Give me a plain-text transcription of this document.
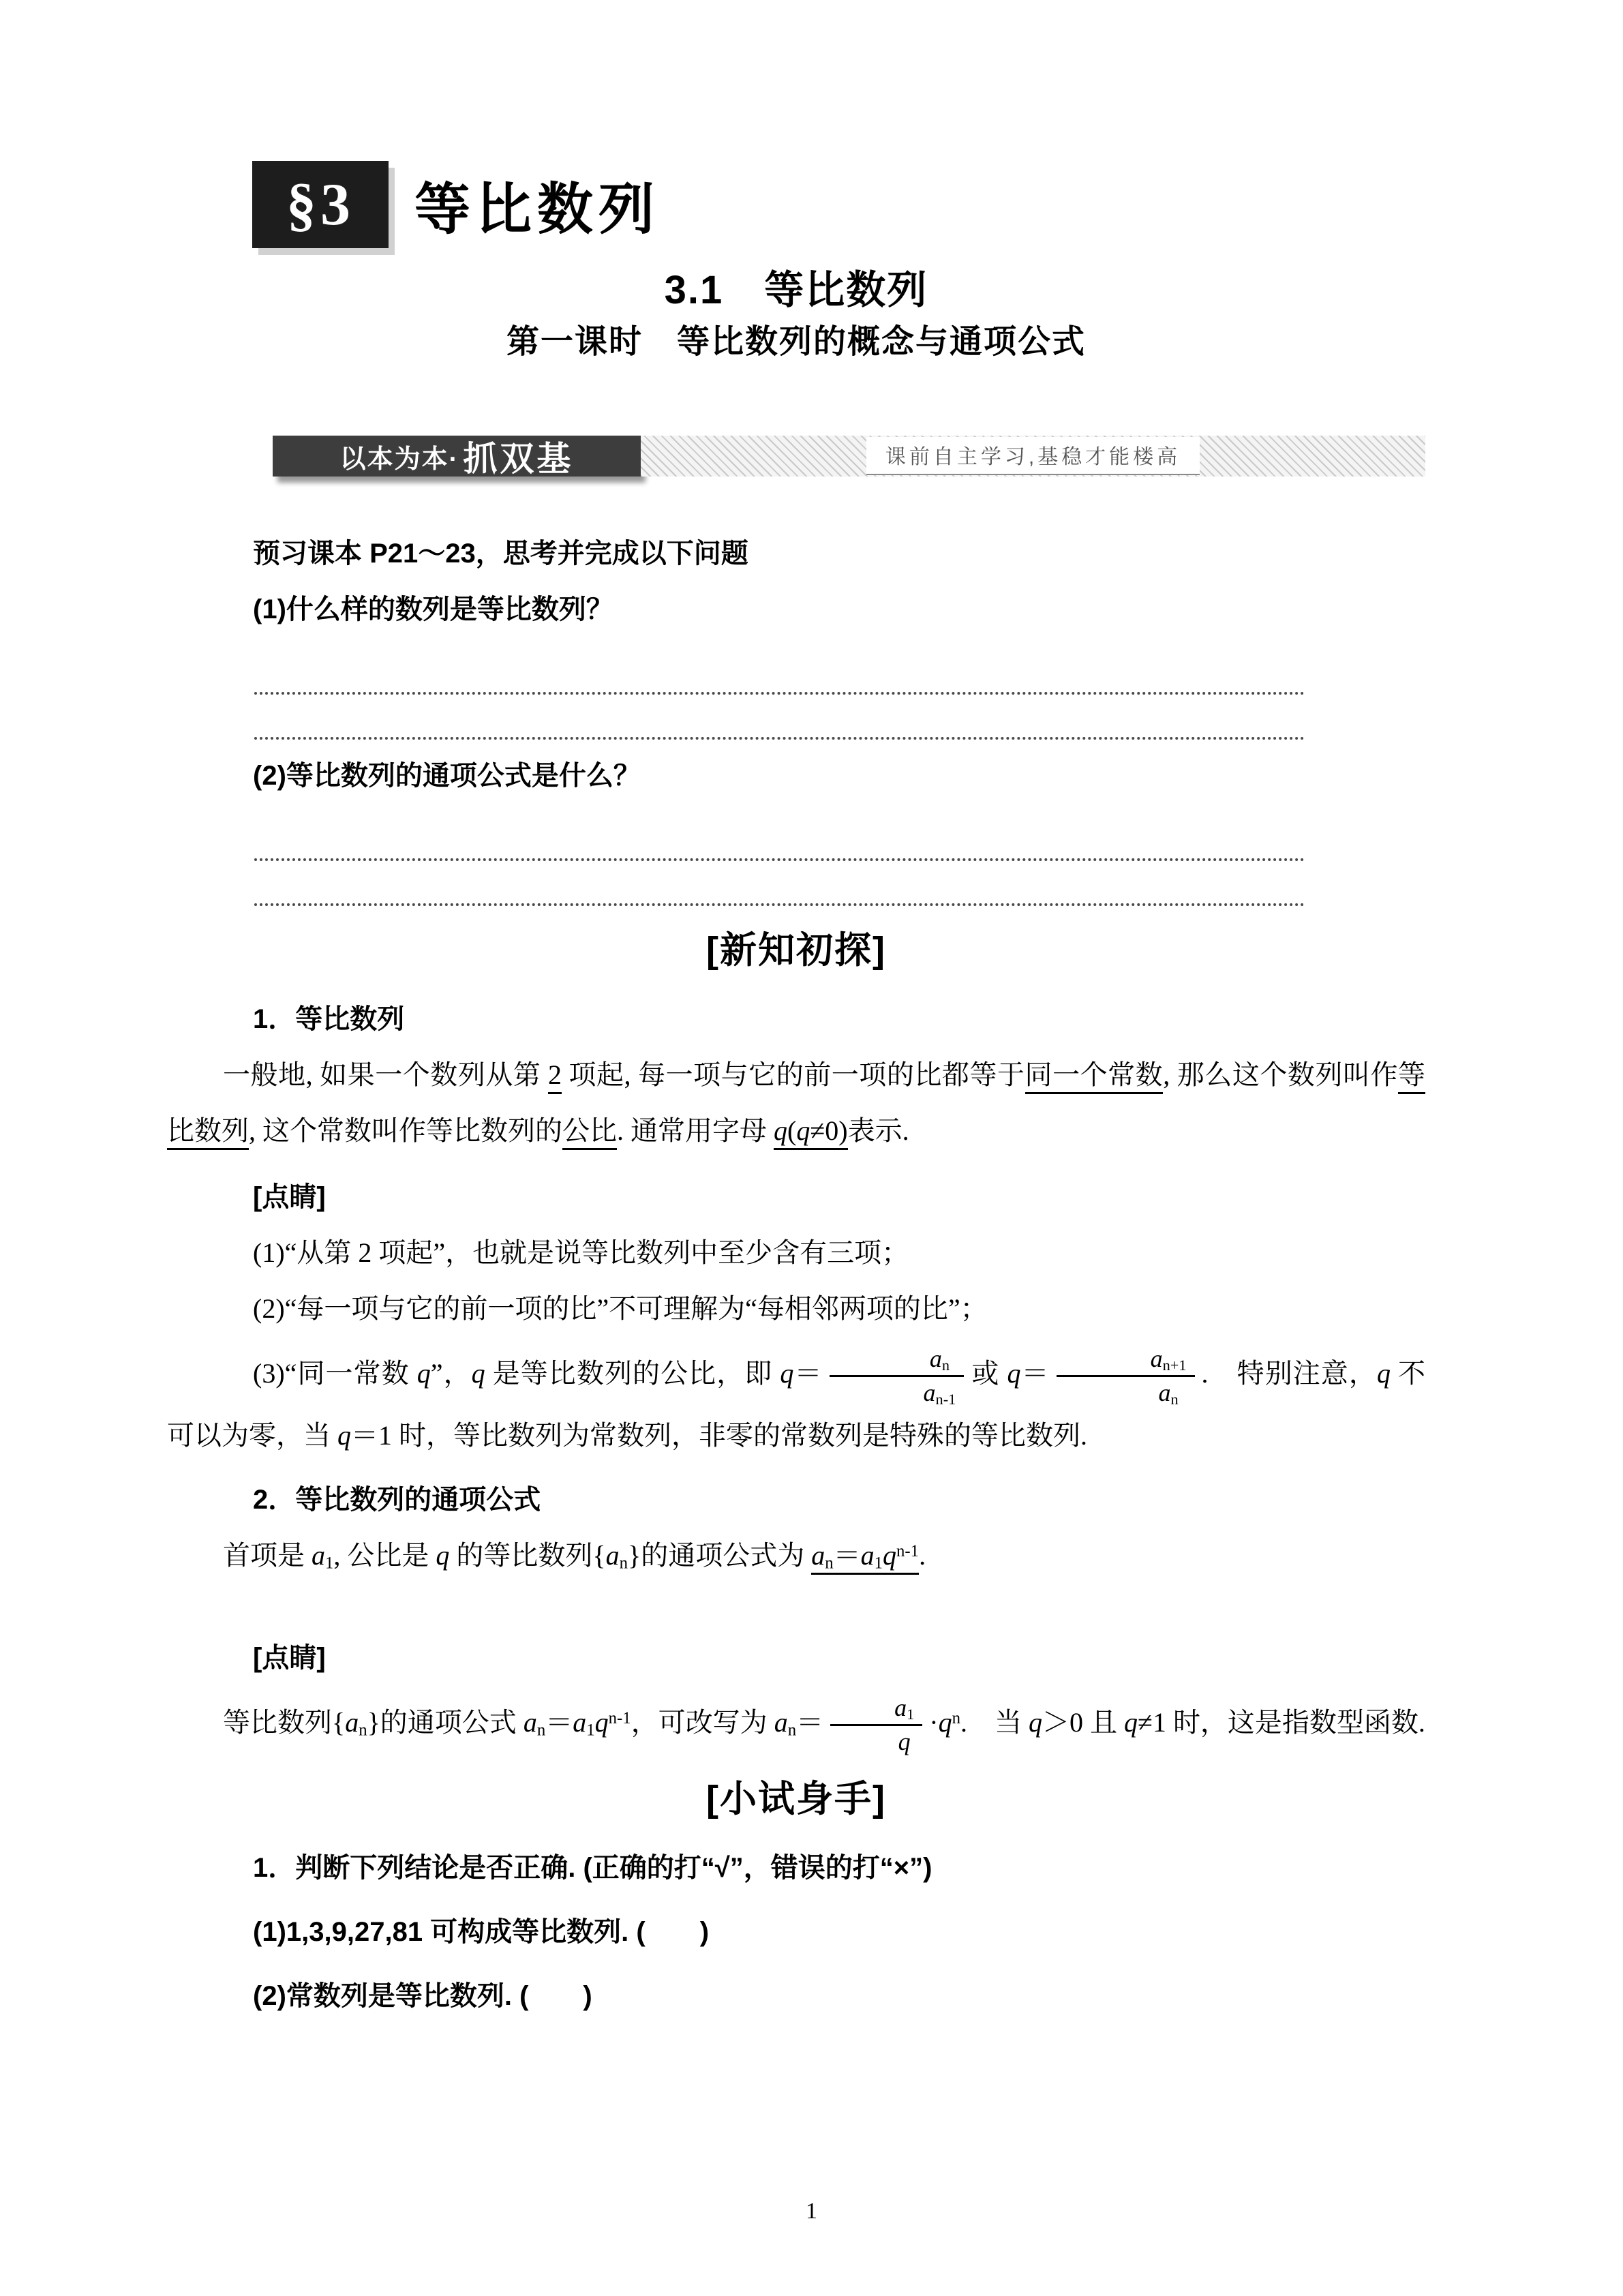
§3 等比数列
3.1　等比数列
第一课时　等比数列的概念与通项公式
以本为本· 抓双基	课前自主学习,基稳才能楼高

预习课本 P21～23，思考并完成以下问题

(1)什么样的数列是等比数列？

(2)等比数列的通项公式是什么？

[新知初探]

1．等比数列

一般地, 如果一个数列从第 2 项起, 每一项与它的前一项的比都等于同一个常数, 那么这个数列叫作等比数列, 这个常数叫作等比数列的公比. 通常用字母 q(q≠0)表示.

[点睛]

(1)“从第 2 项起”，也就是说等比数列中至少含有三项；

(2)“每一项与它的前一项的比”不可理解为“每相邻两项的比”；

(3)“同一常数 q”，q 是等比数列的公比，即 $q= \frac{a_n}{a_{n-1}}$ 或 $q= \frac{a_{n+1}}{a_n}$ .　特别注意，q 不可以为零，当 q＝1 时，等比数列为常数列，非零的常数列是特殊的等比数列.

2．等比数列的通项公式

首项是 $a_1$, 公比是 q 的等比数列$\{a_n\}$的通项公式为 $a_n=a_1q^{n-1}$.

[点睛]

等比数列$\{a_n\}$的通项公式 $a_n=a_1q^{n-1}$，可改写为 $a_n= \frac{a_1}{q} \cdot q^n$.　当 q＞0 且 q≠1 时，这是指数型函数.

[小试身手]

1．判断下列结论是否正确. (正确的打“√”，错误的打“×”)

(1)1,3,9,27,81 可构成等比数列. (　　)

(2)常数列是等比数列. (　　)

1
